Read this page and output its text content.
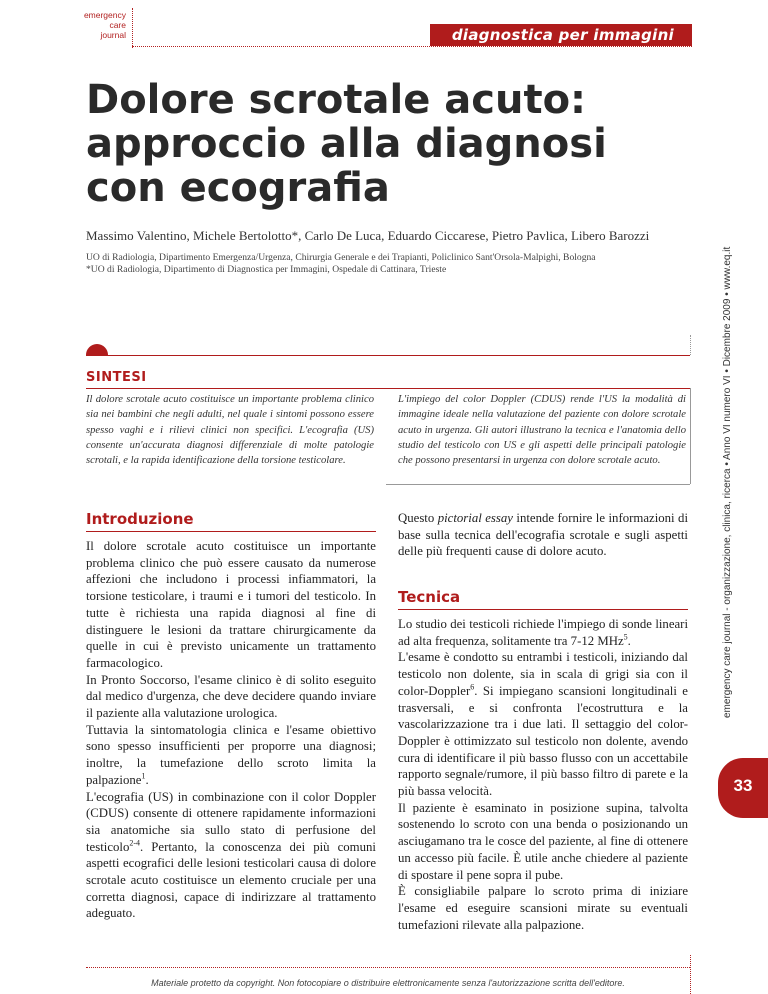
emergency
care
journal	diagnostica per immagini
Dolore scrotale acuto: approccio alla diagnosi con ecografia
Massimo Valentino, Michele Bertolotto*, Carlo De Luca, Eduardo Ciccarese, Pietro Pavlica, Libero Barozzi
UO di Radiologia, Dipartimento Emergenza/Urgenza, Chirurgia Generale e dei Trapianti, Policlinico Sant'Orsola-Malpighi, Bologna
*UO di Radiologia, Dipartimento di Diagnostica per Immagini, Ospedale di Cattinara, Trieste	emergency care journal - organizzazione, clinica, ricerca • Anno VI numero VI • Dicembre 2009 • www.eq.it
33
SINTESI
Il dolore scrotale acuto costituisce un importante problema clinico sia nei bambini che negli adulti, nel quale i sintomi possono essere spesso vaghi e i rilievi clinici non specifici. L'ecografia (US) consente un'accurata diagnosi differenziale di molte patologie scrotali, e la rapida identificazione della torsione testicolare.
L'impiego del color Doppler (CDUS) rende l'US la modalità di immagine ideale nella valutazione del paziente con dolore scrotale acuto in urgenza. Gli autori illustrano la tecnica e l'anatomia dello studio del testicolo con US e gli aspetti delle principali patologie che possono presentarsi in urgenza con dolore scrotale acuto.
Introduzione

Il dolore scrotale acuto costituisce un importante problema clinico che può essere causato da numerose affezioni che includono i processi infiammatori, la torsione testicolare, i traumi e i tumori del testicolo. In tutte è richiesta una rapida diagnosi al fine di distinguere le lesioni da trattare chirurgicamente da quelle in cui è previsto unicamente un trattamento farmacologico.

In Pronto Soccorso, l'esame clinico è di solito eseguito dal medico d'urgenza, che deve decidere quando inviare il paziente alla valutazione urologica.

Tuttavia la sintomatologia clinica e l'esame obiettivo sono spesso insufficienti per proporre una diagnosi; inoltre, la tumefazione dello scroto limita la palpazione$^1$.

L'ecografia (US) in combinazione con il color Doppler (CDUS) consente di ottenere rapidamente informazioni sia anatomiche sia sullo stato di perfusione del testicolo$^{2-4}$. Pertanto, la conoscenza dei più comuni aspetti ecografici delle lesioni testicolari causa di dolore scrotale acuto costituisce un elemento cruciale per una corretta diagnosi, capace di indirizzare al trattamento adeguato.

Questo pictorial essay intende fornire le informazioni di base sulla tecnica dell'ecografia scrotale e sugli aspetti delle più frequenti cause di dolore acuto.

Tecnica

Lo studio dei testicoli richiede l'impiego di sonde lineari ad alta frequenza, solitamente tra 7-12 MHz$^5$.

L'esame è condotto su entrambi i testicoli, iniziando dal testicolo non dolente, sia in scala di grigi sia con il color-Doppler$^6$. Si impiegano scansioni longitudinali e trasversali, e si confronta l'ecostruttura e la vascolarizzazione tra i due lati. Il settaggio del color-Doppler è ottimizzato sul testicolo non dolente, avendo cura di identificare il più basso flusso con un accettabile rapporto segnale/rumore, il più basso filtro di parete e la più bassa velocità.

Il paziente è esaminato in posizione supina, talvolta sostenendo lo scroto con una benda o posizionando un asciugamano tra le cosce del paziente, al fine di ottenere un accesso più facile. È utile anche chiedere al paziente di spostare il pene sopra il pube.

È consigliabile palpare lo scroto prima di iniziare l'esame ed eseguire scansioni mirate su eventuali tumefazioni rilevate alla palpazione.

Materiale protetto da copyright. Non fotocopiare o distribuire elettronicamente senza l'autorizzazione scritta dell'editore.
